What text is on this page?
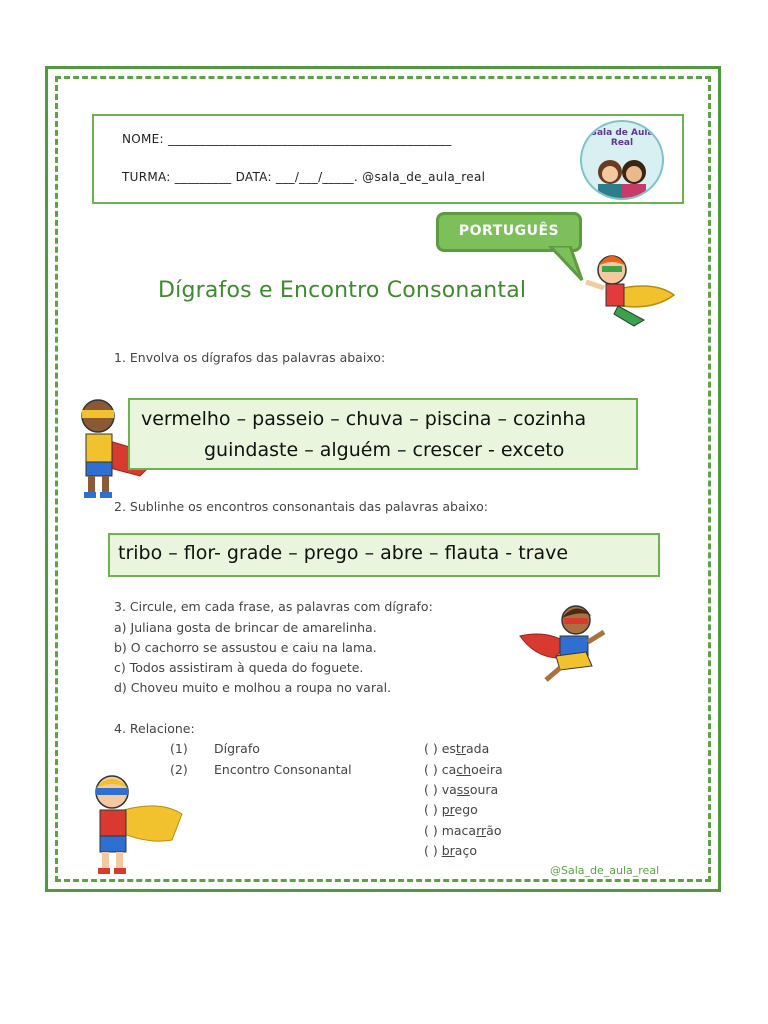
NOME: _____________________________________________
TURMA: _________ DATA: ___/___/_____. @sala_de_aula_real
Sala de Aula Real
PORTUGUÊS
Dígrafos e Encontro Consonantal
1. Envolva os dígrafos das palavras abaixo:
vermelho – passeio – chuva – piscina – cozinha
guindaste – alguém – crescer - exceto
2. Sublinhe os encontros consonantais das palavras abaixo:
tribo – flor- grade – prego – abre – flauta - trave
3. Circule, em cada frase, as palavras com dígrafo:
a) Juliana gosta de brincar de amarelinha.
b) O cachorro se assustou e caiu na lama.
c) Todos assistiram à queda do foguete.
d) Choveu muito e molhou a roupa no varal.
4. Relacione:
(1) Dígrafo
(2) Encontro Consonantal
( ) estrada
( ) cachoeira
( ) vassoura
( ) prego
( ) macarrão
( ) braço
@Sala_de_aula_real
